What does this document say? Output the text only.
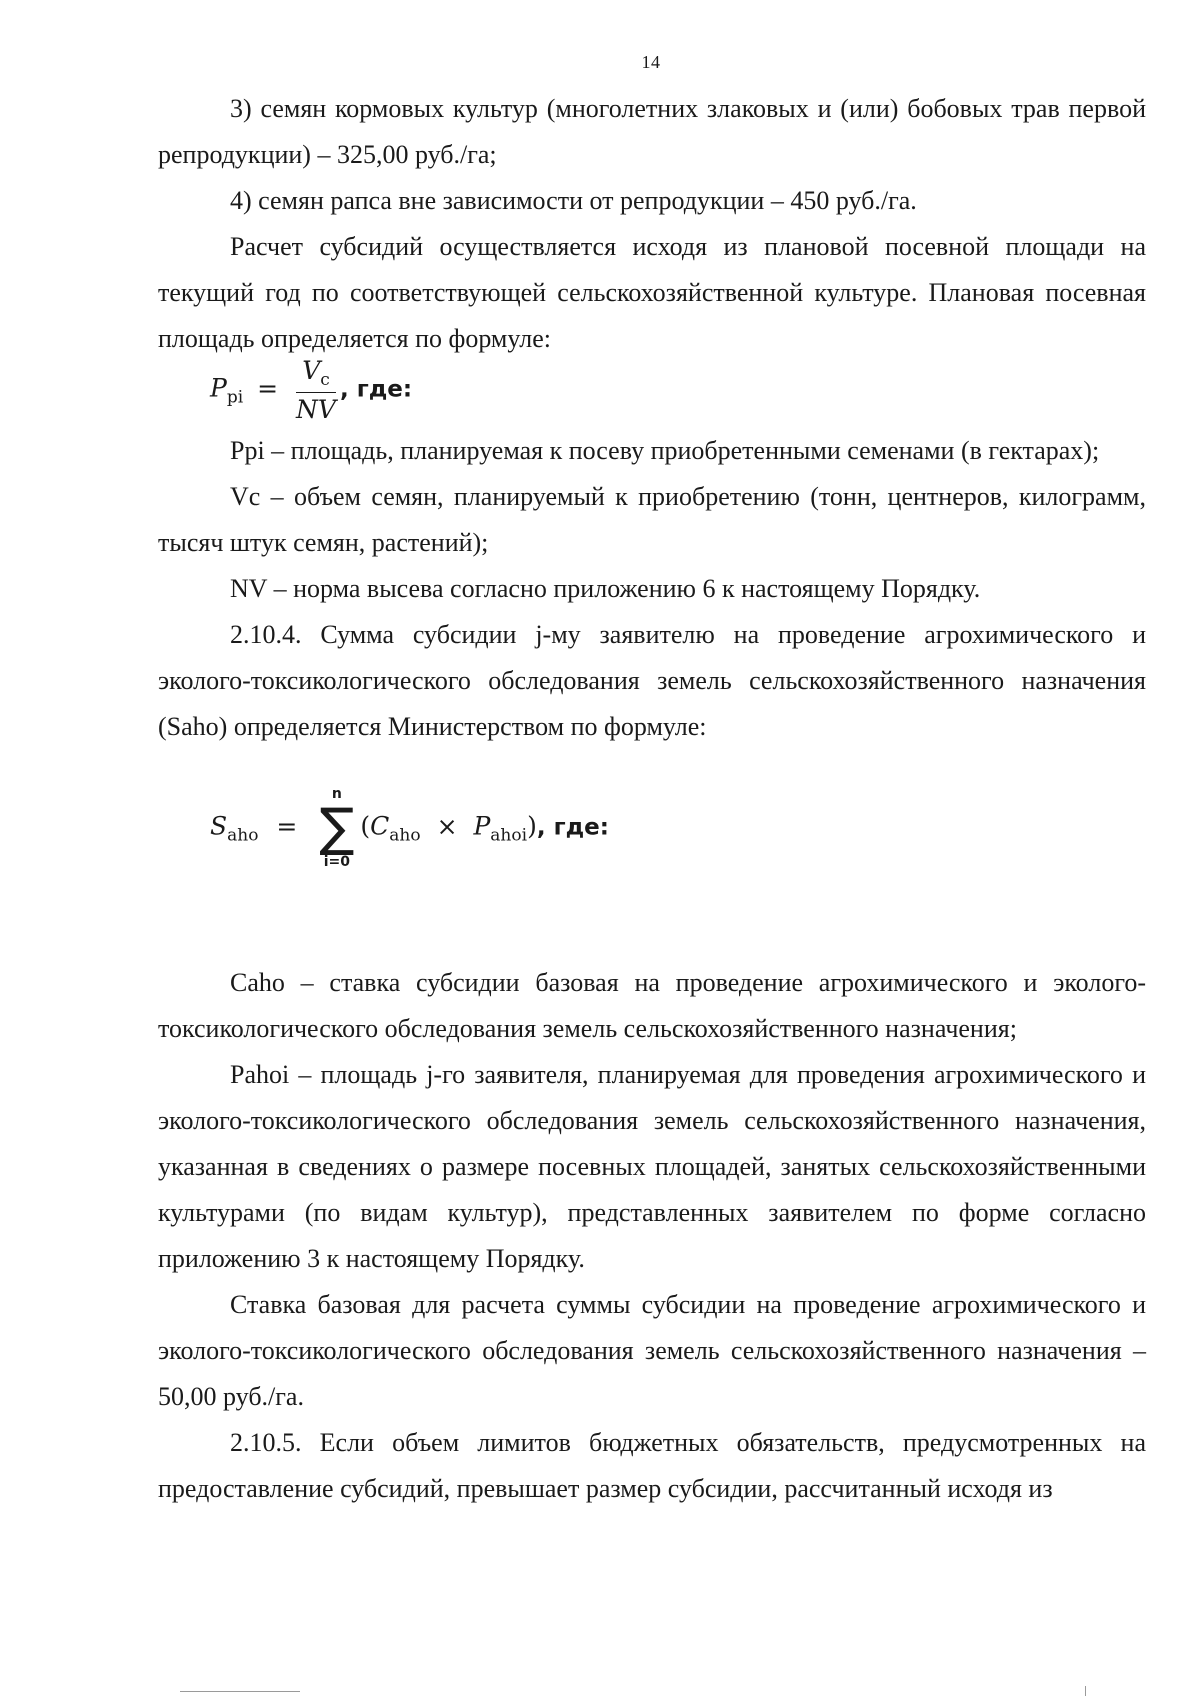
14

3) семян кормовых культур (многолетних злаковых и (или) бобовых трав первой репродукции) – 325,00 руб./га;

4) семян рапса вне зависимости от репродукции – 450 руб./га.

Расчет субсидий осуществляется исходя из плановой посевной площади на текущий год по соответствующей сельскохозяйственной культуре. Плановая посевная площадь определяется по формуле:

$P_{pi} = \frac{V_c}{NV}$ , где:

Ppi – площадь, планируемая к посеву приобретенными семенами (в гектарах);

Vc – объем семян, планируемый к приобретению (тонн, центнеров, килограмм, тысяч штук семян, растений);

NV – норма высева согласно приложению 6 к настоящему Порядку.

2.10.4. Сумма субсидии j-му заявителю на проведение агрохимического и эколого-токсикологического обследования земель сельскохозяйственного назначения (Saho) определяется Министерством по формуле:

$S_{aho}$ =
n
∑
i=0
$(C_{aho} \times P_{ahoi})$, где:

Caho – ставка субсидии базовая на проведение агрохимического и эколого-токсикологического обследования земель сельскохозяйственного назначения;

Pahoi – площадь j-го заявителя, планируемая для проведения агрохимического и эколого-токсикологического обследования земель сельскохозяйственного назначения, указанная в сведениях о размере посевных площадей, занятых сельскохозяйственными культурами (по видам культур), представленных заявителем по форме согласно приложению 3 к настоящему Порядку.

Ставка базовая для расчета суммы субсидии на проведение агрохимического и эколого-токсикологического обследования земель сельскохозяйственного назначения – 50,00 руб./га.

2.10.5. Если объем лимитов бюджетных обязательств, предусмотренных на предоставление субсидий, превышает размер субсидии, рассчитанный исходя из
